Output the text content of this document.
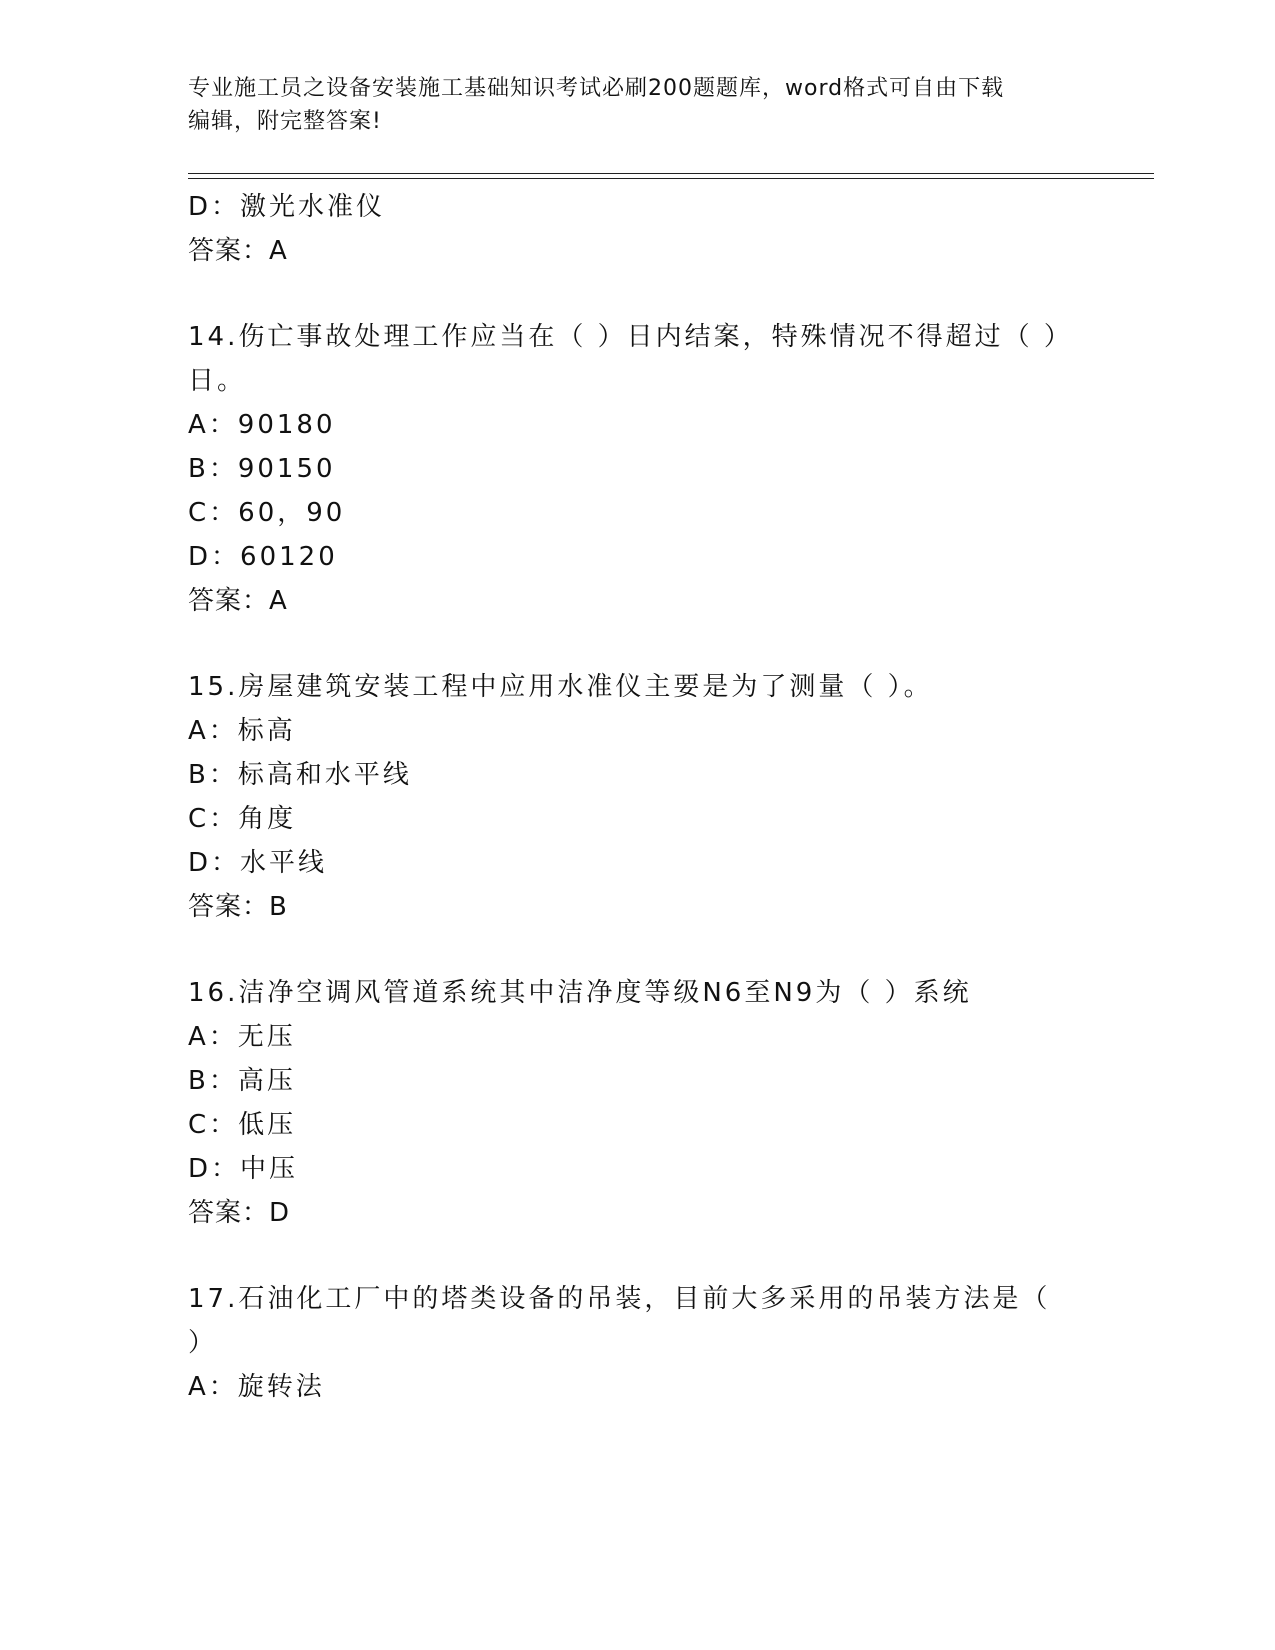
专业施工员之设备安装施工基础知识考试必刷200题题库，word格式可自由下载
编辑，附完整答案!
D：激光水准仪
答案：A
14.伤亡事故处理工作应当在（ ）日内结案，特殊情况不得超过（ ）
日。
A：90180
B：90150
C：60，90
D：60120
答案：A
15.房屋建筑安装工程中应用水准仪主要是为了测量（ ）。
A：标高
B：标高和水平线
C：角度
D：水平线
答案：B
16.洁净空调风管道系统其中洁净度等级N6至N9为（ ）系统
A：无压
B：高压
C：低压
D：中压
答案：D
17.石油化工厂中的塔类设备的吊装，目前大多采用的吊装方法是（
）
A：旋转法
